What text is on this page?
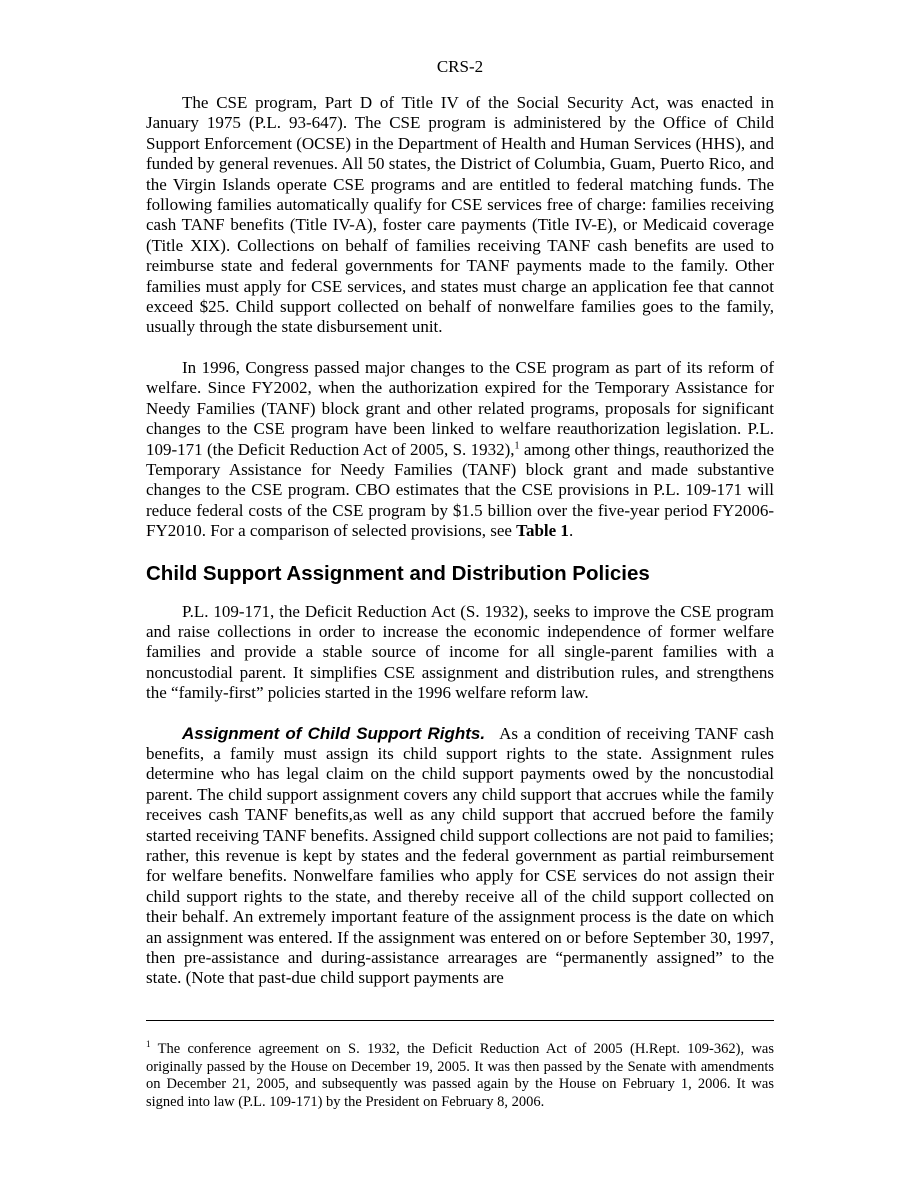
CRS-2

The CSE program, Part D of Title IV of the Social Security Act, was enacted in January 1975 (P.L. 93-647). The CSE program is administered by the Office of Child Support Enforcement (OCSE) in the Department of Health and Human Services (HHS), and funded by general revenues. All 50 states, the District of Columbia, Guam, Puerto Rico, and the Virgin Islands operate CSE programs and are entitled to federal matching funds. The following families automatically qualify for CSE services free of charge: families receiving cash TANF benefits (Title IV-A), foster care payments (Title IV-E), or Medicaid coverage (Title XIX). Collections on behalf of families receiving TANF cash benefits are used to reimburse state and federal governments for TANF payments made to the family. Other families must apply for CSE services, and states must charge an application fee that cannot exceed $25. Child support collected on behalf of nonwelfare families goes to the family, usually through the state disbursement unit.

In 1996, Congress passed major changes to the CSE program as part of its reform of welfare. Since FY2002, when the authorization expired for the Temporary Assistance for Needy Families (TANF) block grant and other related programs, proposals for significant changes to the CSE program have been linked to welfare reauthorization legislation. P.L. 109-171 (the Deficit Reduction Act of 2005, S. 1932),$^1$ among other things, reauthorized the Temporary Assistance for Needy Families (TANF) block grant and made substantive changes to the CSE program. CBO estimates that the CSE provisions in P.L. 109-171 will reduce federal costs of the CSE program by $1.5 billion over the five-year period FY2006-FY2010. For a comparison of selected provisions, see Table 1.

Child Support Assignment and Distribution Policies

P.L. 109-171, the Deficit Reduction Act (S. 1932), seeks to improve the CSE program and raise collections in order to increase the economic independence of former welfare families and provide a stable source of income for all single-parent families with a noncustodial parent. It simplifies CSE assignment and distribution rules, and strengthens the “family-first” policies started in the 1996 welfare reform law.

Assignment of Child Support Rights. As a condition of receiving TANF cash benefits, a family must assign its child support rights to the state. Assignment rules determine who has legal claim on the child support payments owed by the noncustodial parent. The child support assignment covers any child support that accrues while the family receives cash TANF benefits,as well as any child support that accrued before the family started receiving TANF benefits. Assigned child support collections are not paid to families; rather, this revenue is kept by states and the federal government as partial reimbursement for welfare benefits. Nonwelfare families who apply for CSE services do not assign their child support rights to the state, and thereby receive all of the child support collected on their behalf. An extremely important feature of the assignment process is the date on which an assignment was entered. If the assignment was entered on or before September 30, 1997, then pre-assistance and during-assistance arrearages are “permanently assigned” to the state. (Note that past-due child support payments are

$^1$ The conference agreement on S. 1932, the Deficit Reduction Act of 2005 (H.Rept. 109-362), was originally passed by the House on December 19, 2005. It was then passed by the Senate with amendments on December 21, 2005, and subsequently was passed again by the House on February 1, 2006. It was signed into law (P.L. 109-171) by the President on February 8, 2006.
